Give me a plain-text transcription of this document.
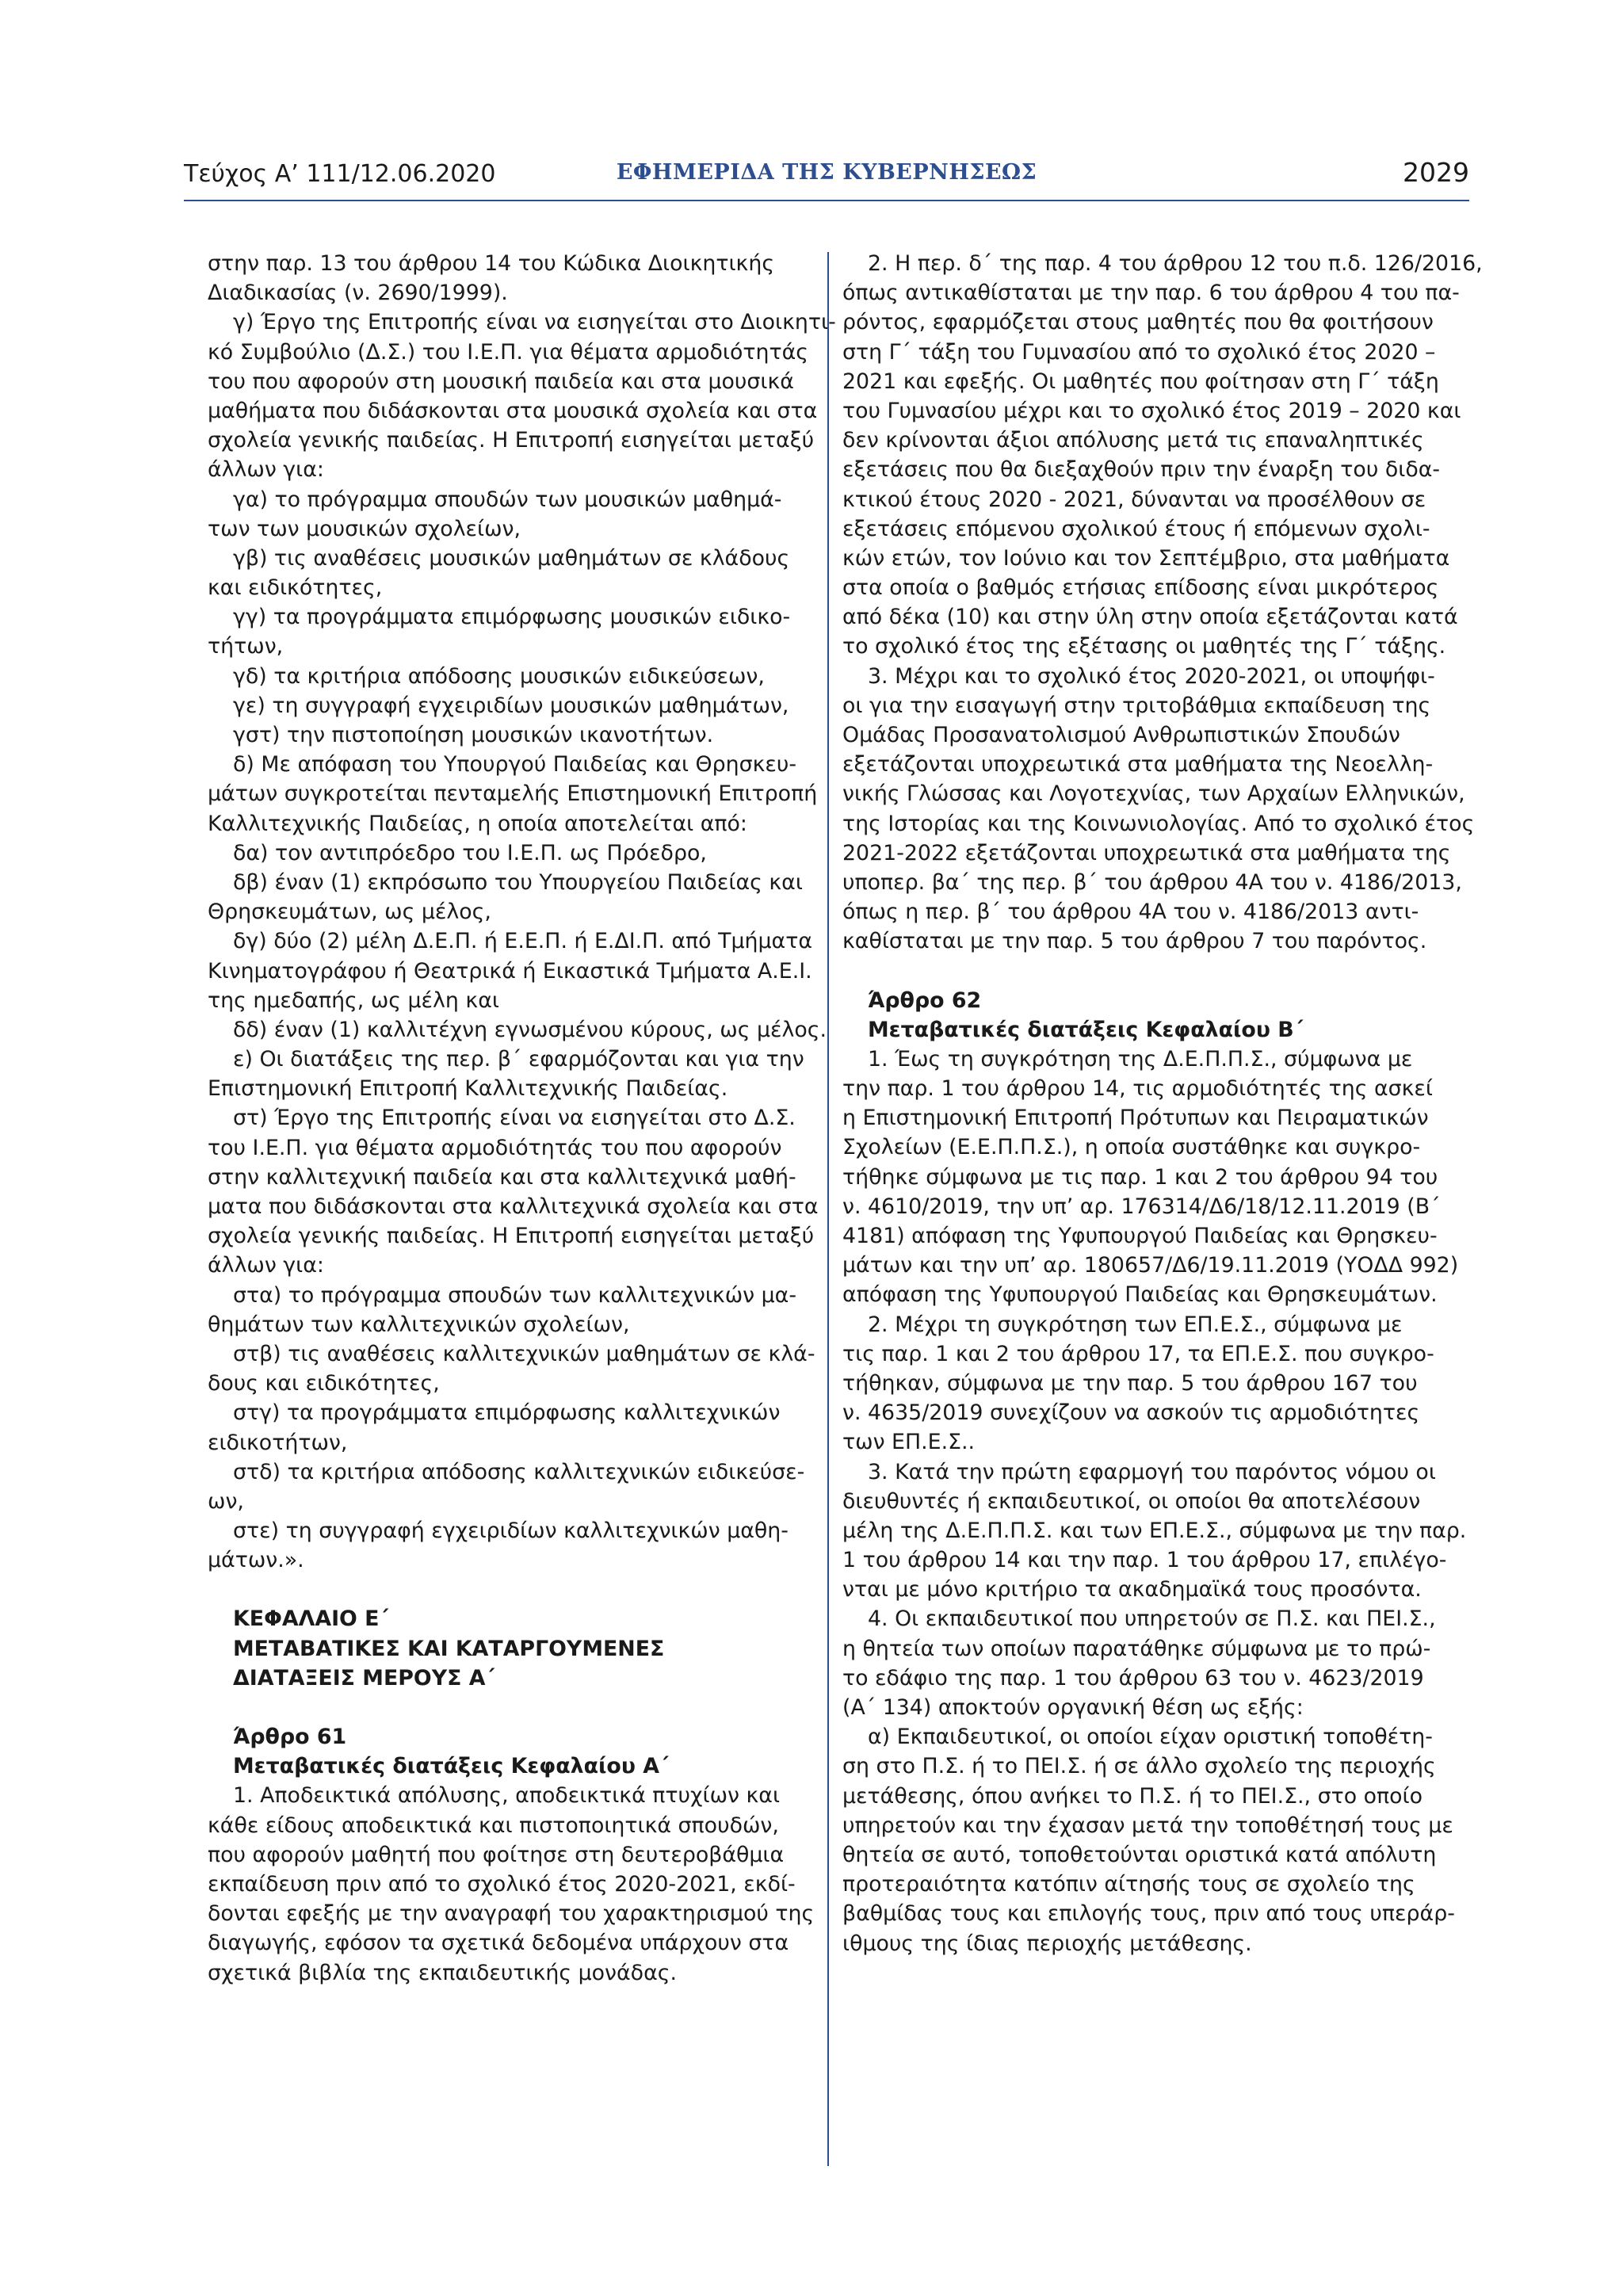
Τεύχος Α’ 111/12.06.2020	ΕΦΗΜΕΡΙΔΑ ΤΗΣ ΚΥΒΕΡΝΗΣΕΩΣ	2029
στην παρ. 13 του άρθρου 14 του Κώδικα Διοικητικής
Διαδικασίας (ν. 2690/1999).
γ) Έργο της Επιτροπής είναι να εισηγείται στο Διοικητι-
κό Συμβούλιο (Δ.Σ.) του Ι.Ε.Π. για θέματα αρμοδιότητάς
του που αφορούν στη μουσική παιδεία και στα μουσικά
μαθήματα που διδάσκονται στα μουσικά σχολεία και στα
σχολεία γενικής παιδείας. Η Επιτροπή εισηγείται μεταξύ
άλλων για:
γα) το πρόγραμμα σπουδών των μουσικών μαθημά-
των των μουσικών σχολείων,
γβ) τις αναθέσεις μουσικών μαθημάτων σε κλάδους
και ειδικότητες,
γγ) τα προγράμματα επιμόρφωσης μουσικών ειδικο-
τήτων,
γδ) τα κριτήρια απόδοσης μουσικών ειδικεύσεων,
γε) τη συγγραφή εγχειριδίων μουσικών μαθημάτων,
γστ) την πιστοποίηση μουσικών ικανοτήτων.
δ) Με απόφαση του Υπουργού Παιδείας και Θρησκευ-
μάτων συγκροτείται πενταμελής Επιστημονική Επιτροπή
Καλλιτεχνικής Παιδείας, η οποία αποτελείται από:
δα) τον αντιπρόεδρο του Ι.Ε.Π. ως Πρόεδρο,
δβ) έναν (1) εκπρόσωπο του Υπουργείου Παιδείας και
Θρησκευμάτων, ως μέλος,
δγ) δύο (2) μέλη Δ.Ε.Π. ή Ε.Ε.Π. ή Ε.ΔΙ.Π. από Τμήματα
Κινηματογράφου ή Θεατρικά ή Εικαστικά Τμήματα Α.Ε.Ι.
της ημεδαπής, ως μέλη και
δδ) έναν (1) καλλιτέχνη εγνωσμένου κύρους, ως μέλος.
ε) Οι διατάξεις της περ. β΄ εφαρμόζονται και για την
Επιστημονική Επιτροπή Καλλιτεχνικής Παιδείας.
στ) Έργο της Επιτροπής είναι να εισηγείται στο Δ.Σ.
του Ι.Ε.Π. για θέματα αρμοδιότητάς του που αφορούν
στην καλλιτεχνική παιδεία και στα καλλιτεχνικά μαθή-
ματα που διδάσκονται στα καλλιτεχνικά σχολεία και στα
σχολεία γενικής παιδείας. Η Επιτροπή εισηγείται μεταξύ
άλλων για:
στα) το πρόγραμμα σπουδών των καλλιτεχνικών μα-
θημάτων των καλλιτεχνικών σχολείων,
στβ) τις αναθέσεις καλλιτεχνικών μαθημάτων σε κλά-
δους και ειδικότητες,
στγ) τα προγράμματα επιμόρφωσης καλλιτεχνικών
ειδικοτήτων,
στδ) τα κριτήρια απόδοσης καλλιτεχνικών ειδικεύσε-
ων,
στε) τη συγγραφή εγχειριδίων καλλιτεχνικών μαθη-
μάτων.».
ΚΕΦΑΛΑΙΟ Ε΄
ΜΕΤΑΒΑΤΙΚΕΣ ΚΑΙ ΚΑΤΑΡΓΟΥΜΕΝΕΣ
ΔΙΑΤΑΞΕΙΣ ΜΕΡΟΥΣ Α΄
Άρθρο 61
Μεταβατικές διατάξεις Κεφαλαίου Α΄
1. Αποδεικτικά απόλυσης, αποδεικτικά πτυχίων και
κάθε είδους αποδεικτικά και πιστοποιητικά σπουδών,
που αφορούν μαθητή που φοίτησε στη δευτεροβάθμια
εκπαίδευση πριν από το σχολικό έτος 2020-2021, εκδί-
δονται εφεξής με την αναγραφή του χαρακτηρισμού της
διαγωγής, εφόσον τα σχετικά δεδομένα υπάρχουν στα
σχετικά βιβλία της εκπαιδευτικής μονάδας.
2. Η περ. δ΄ της παρ. 4 του άρθρου 12 του π.δ. 126/2016,
όπως αντικαθίσταται με την παρ. 6 του άρθρου 4 του πα-
ρόντος, εφαρμόζεται στους μαθητές που θα φοιτήσουν
στη Γ΄ τάξη του Γυμνασίου από το σχολικό έτος 2020 –
2021 και εφεξής. Οι μαθητές που φοίτησαν στη Γ΄ τάξη
του Γυμνασίου μέχρι και το σχολικό έτος 2019 – 2020 και
δεν κρίνονται άξιοι απόλυσης μετά τις επαναληπτικές
εξετάσεις που θα διεξαχθούν πριν την έναρξη του διδα-
κτικού έτους 2020 - 2021, δύνανται να προσέλθουν σε
εξετάσεις επόμενου σχολικού έτους ή επόμενων σχολι-
κών ετών, τον Ιούνιο και τον Σεπτέμβριο, στα μαθήματα
στα οποία ο βαθμός ετήσιας επίδοσης είναι μικρότερος
από δέκα (10) και στην ύλη στην οποία εξετάζονται κατά
το σχολικό έτος της εξέτασης οι μαθητές της Γ΄ τάξης.
3. Μέχρι και το σχολικό έτος 2020-2021, οι υποψήφι-
οι για την εισαγωγή στην τριτοβάθμια εκπαίδευση της
Ομάδας Προσανατολισμού Ανθρωπιστικών Σπουδών
εξετάζονται υποχρεωτικά στα μαθήματα της Νεοελλη-
νικής Γλώσσας και Λογοτεχνίας, των Αρχαίων Ελληνικών,
της Ιστορίας και της Κοινωνιολογίας. Από το σχολικό έτος
2021-2022 εξετάζονται υποχρεωτικά στα μαθήματα της
υποπερ. βα΄ της περ. β΄ του άρθρου 4Α του ν. 4186/2013,
όπως η περ. β΄ του άρθρου 4Α του ν. 4186/2013 αντι-
καθίσταται με την παρ. 5 του άρθρου 7 του παρόντος.
Άρθρο 62
Μεταβατικές διατάξεις Κεφαλαίου Β΄
1. Έως τη συγκρότηση της Δ.Ε.Π.Π.Σ., σύμφωνα με
την παρ. 1 του άρθρου 14, τις αρμοδιότητές της ασκεί
η Επιστημονική Επιτροπή Πρότυπων και Πειραματικών
Σχολείων (Ε.Ε.Π.Π.Σ.), η οποία συστάθηκε και συγκρο-
τήθηκε σύμφωνα με τις παρ. 1 και 2 του άρθρου 94 του
ν. 4610/2019, την υπ’ αρ. 176314/Δ6/18/12.11.2019 (Β΄
4181) απόφαση της Υφυπουργού Παιδείας και Θρησκευ-
μάτων και την υπ’ αρ. 180657/Δ6/19.11.2019 (ΥΟΔΔ 992)
απόφαση της Υφυπουργού Παιδείας και Θρησκευμάτων.
2. Μέχρι τη συγκρότηση των ΕΠ.Ε.Σ., σύμφωνα με
τις παρ. 1 και 2 του άρθρου 17, τα ΕΠ.Ε.Σ. που συγκρο-
τήθηκαν, σύμφωνα με την παρ. 5 του άρθρου 167 του
ν. 4635/2019 συνεχίζουν να ασκούν τις αρμοδιότητες
των ΕΠ.Ε.Σ..
3. Κατά την πρώτη εφαρμογή του παρόντος νόμου οι
διευθυντές ή εκπαιδευτικοί, οι οποίοι θα αποτελέσουν
μέλη της Δ.Ε.Π.Π.Σ. και των ΕΠ.Ε.Σ., σύμφωνα με την παρ.
1 του άρθρου 14 και την παρ. 1 του άρθρου 17, επιλέγο-
νται με μόνο κριτήριο τα ακαδημαϊκά τους προσόντα.
4. Οι εκπαιδευτικοί που υπηρετούν σε Π.Σ. και ΠΕΙ.Σ.,
η θητεία των οποίων παρατάθηκε σύμφωνα με το πρώ-
το εδάφιο της παρ. 1 του άρθρου 63 του ν. 4623/2019
(Α΄ 134) αποκτούν οργανική θέση ως εξής:
α) Εκπαιδευτικοί, οι οποίοι είχαν οριστική τοποθέτη-
ση στο Π.Σ. ή το ΠΕΙ.Σ. ή σε άλλο σχολείο της περιοχής
μετάθεσης, όπου ανήκει το Π.Σ. ή το ΠΕΙ.Σ., στο οποίο
υπηρετούν και την έχασαν μετά την τοποθέτησή τους με
θητεία σε αυτό, τοποθετούνται οριστικά κατά απόλυτη
προτεραιότητα κατόπιν αίτησής τους σε σχολείο της
βαθμίδας τους και επιλογής τους, πριν από τους υπεράρ-
ιθμους της ίδιας περιοχής μετάθεσης.
